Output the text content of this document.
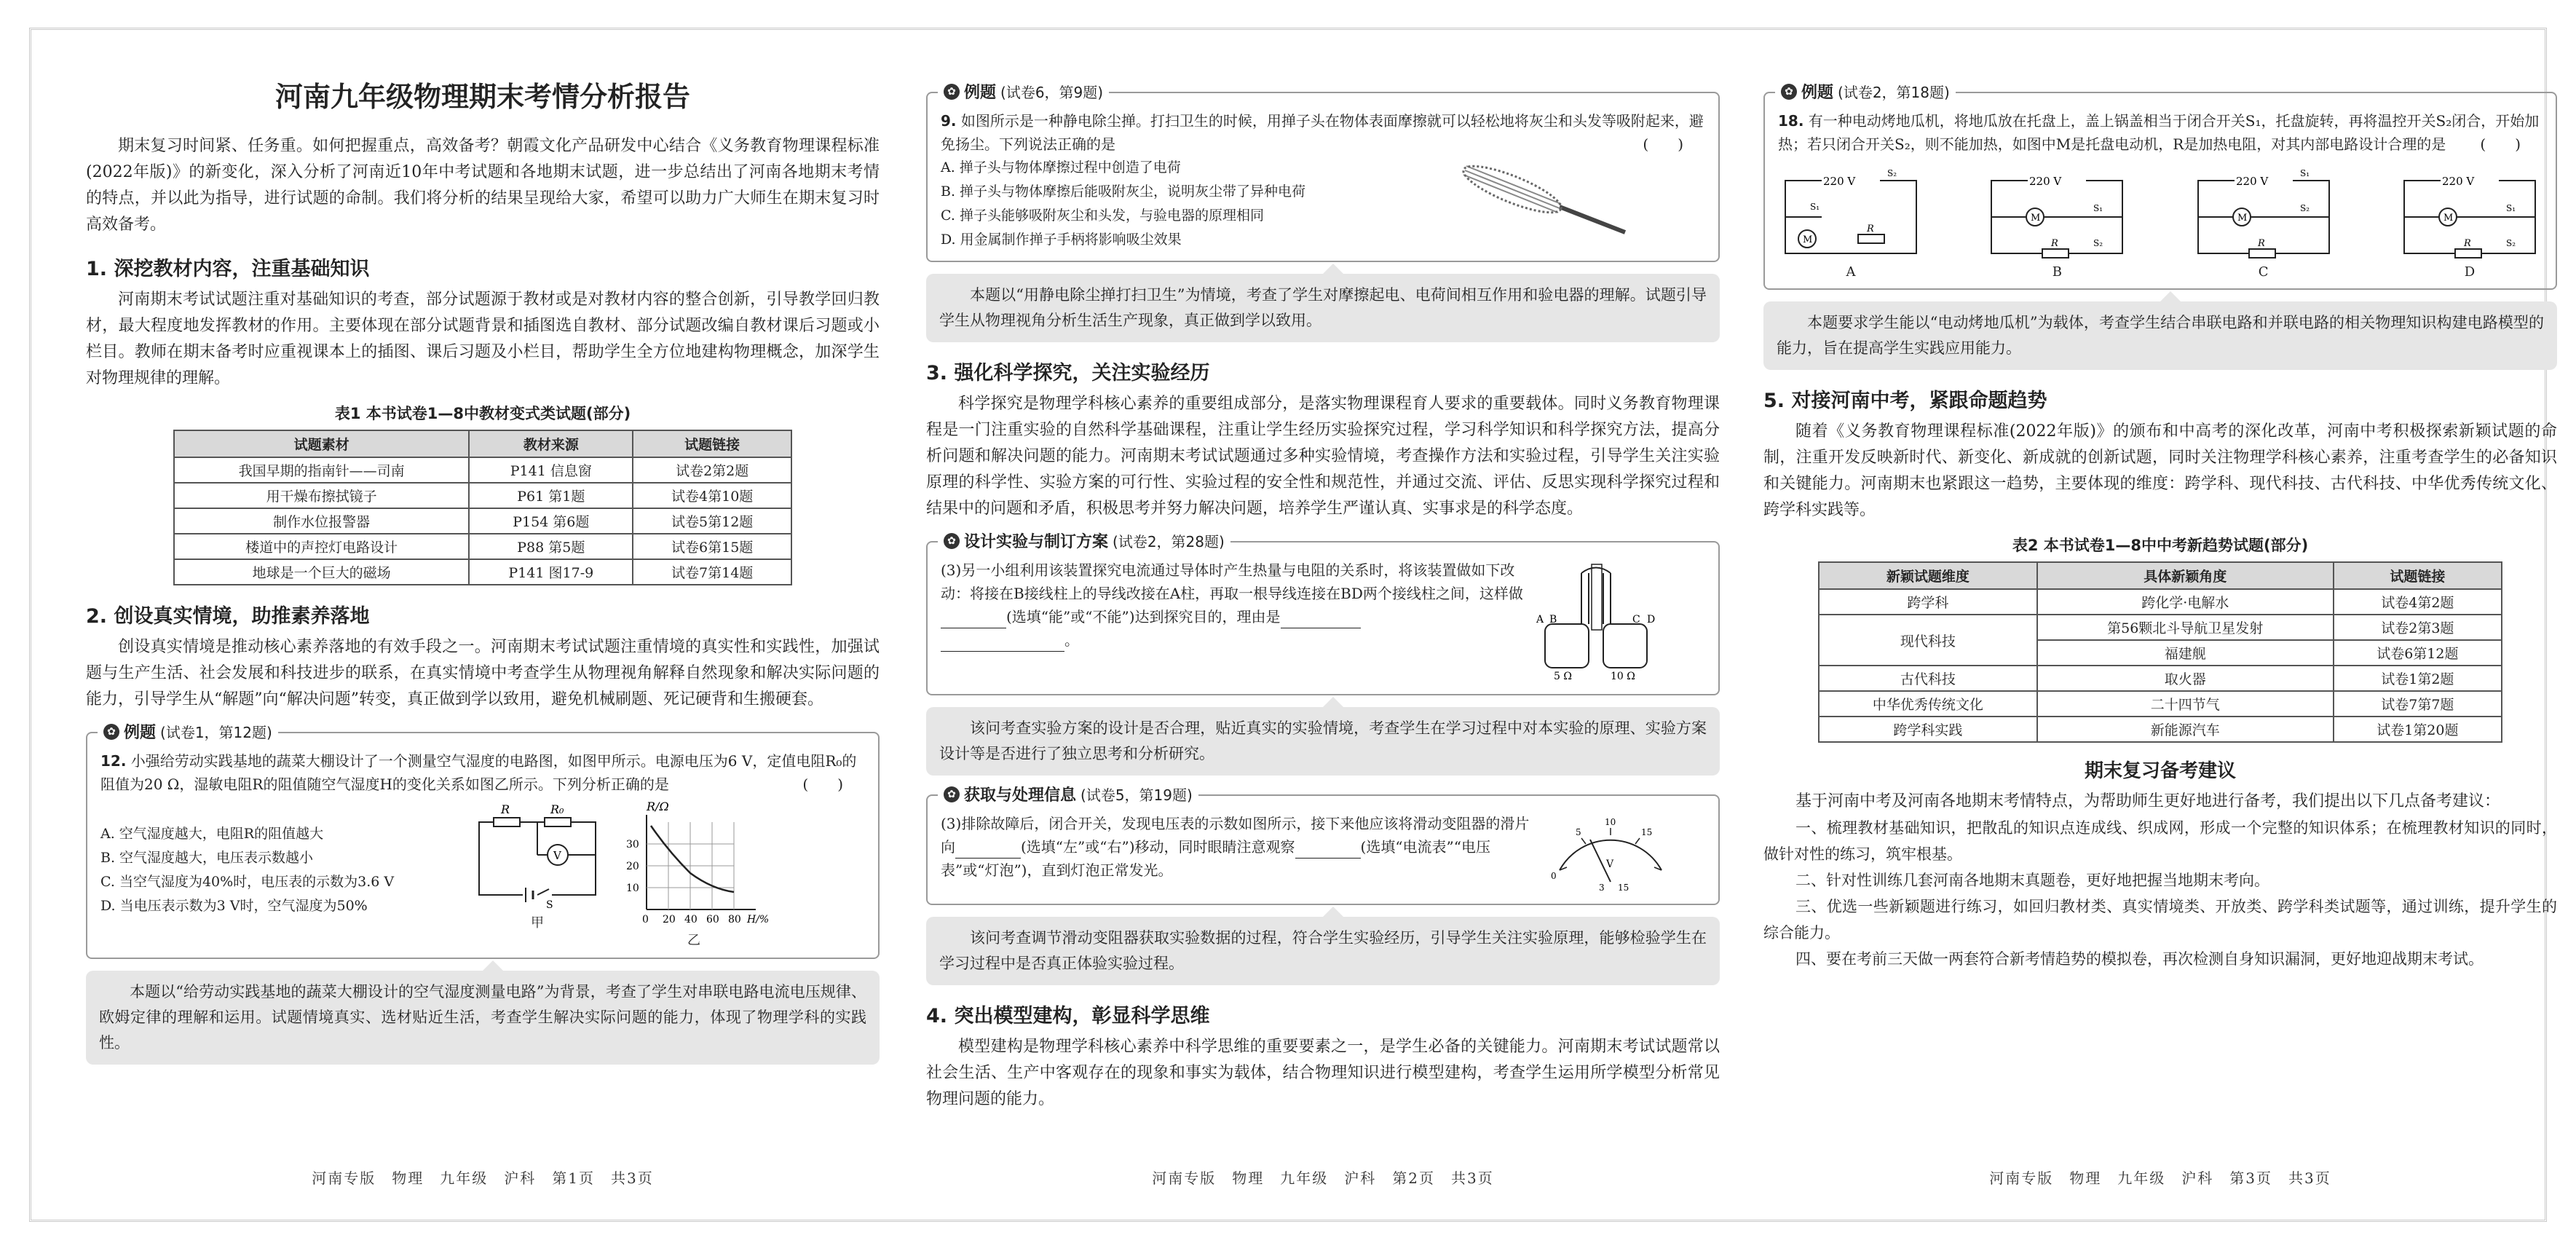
河南九年级物理期末考情分析报告

期末复习时间紧、任务重。如何把握重点，高效备考？朝霞文化产品研发中心结合《义务教育物理课程标准(2022年版)》的新变化，深入分析了河南近10年中考试题和各地期末试题，进一步总结出了河南各地期末考情的特点，并以此为指导，进行试题的命制。我们将分析的结果呈现给大家，希望可以助力广大师生在期末复习时高效备考。

1. 深挖教材内容，注重基础知识

河南期末考试试题注重对基础知识的考查，部分试题源于教材或是对教材内容的整合创新，引导教学回归教材，最大程度地发挥教材的作用。主要体现在部分试题背景和插图选自教材、部分试题改编自教材课后习题或小栏目。教师在期末备考时应重视课本上的插图、课后习题及小栏目，帮助学生全方位地建构物理概念，加深学生对物理规律的理解。

表1 本书试卷1—8中教材变式类试题(部分)
试题素材	教材来源	试题链接
我国早期的指南针——司南	P141 信息窗	试卷2第2题
用干燥布擦拭镜子	P61 第1题	试卷4第10题
制作水位报警器	P154 第6题	试卷5第12题
楼道中的声控灯电路设计	P88 第5题	试卷6第15题
地球是一个巨大的磁场	P141 图17-9	试卷7第14题
2. 创设真实情境，助推素养落地

创设真实情境是推动核心素养落地的有效手段之一。河南期末考试试题注重情境的真实性和实践性，加强试题与生产生活、社会发展和科技进步的联系，在真实情境中考查学生从物理视角解释自然现象和解决实际问题的能力，引导学生从“解题”向“解决问题”转变，真正做到学以致用，避免机械刷题、死记硬背和生搬硬套。

✿ 例题 (试卷1，第12题)
12. 小强给劳动实践基地的蔬菜大棚设计了一个测量空气湿度的电路图，如图甲所示。电源电压为6 V，定值电阻R₀的阻值为20 Ω，湿敏电阻R的阻值随空气湿度H的变化关系如图乙所示。下列分析正确的是	(　　)
A. 空气湿度越大，电阻R的阻值越大
B. 空气湿度越大，电压表示数越小
C. 当空气湿度为40%时，电压表的示数为3.6 V
D. 当电压表示数为3 V时，空气湿度为50%
R	R₀
V
S
甲
R/Ω
30
20
10
0 20 40 60 80 H/%
乙
本题以“给劳动实践基地的蔬菜大棚设计的空气湿度测量电路”为背景，考查了学生对串联电路电流电压规律、欧姆定律的理解和运用。试题情境真实、选材贴近生活，考查学生解决实际问题的能力，体现了物理学科的实践性。
河南专版　物理　九年级　沪科　第1页　共3页
✿ 例题 (试卷6，第9题)
9. 如图所示是一种静电除尘掸。打扫卫生的时候，用掸子头在物体表面摩擦就可以轻松地将灰尘和头发等吸附起来，避免扬尘。下列说法正确的是	(　　)
A. 掸子头与物体摩擦过程中创造了电荷
B. 掸子头与物体摩擦后能吸附灰尘，说明灰尘带了异种电荷
C. 掸子头能够吸附灰尘和头发，与验电器的原理相同
D. 用金属制作掸子手柄将影响吸尘效果
本题以“用静电除尘掸打扫卫生”为情境，考查了学生对摩擦起电、电荷间相互作用和验电器的理解。试题引导学生从物理视角分析生活生产现象，真正做到学以致用。
3. 强化科学探究，关注实验经历

科学探究是物理学科核心素养的重要组成部分，是落实物理课程育人要求的重要载体。同时义务教育物理课程是一门注重实验的自然科学基础课程，注重让学生经历实验探究过程，学习科学知识和科学探究方法，提高分析问题和解决问题的能力。河南期末考试试题通过多种实验情境，考查操作方法和实验过程，引导学生关注实验原理的科学性、实验方案的可行性、实验过程的安全性和规范性，并通过交流、评估、反思实现科学探究过程和结果中的问题和矛盾，积极思考并努力解决问题，培养学生严谨认真、实事求是的科学态度。

✿ 设计实验与制订方案 (试卷2，第28题)
(3)另一小组利用该装置探究电流通过导体时产生热量与电阻的关系时，将该装置做如下改动：将接在B接线柱上的导线改接在A柱，再取一根导线连接在BD两个接线柱之间，这样做(选填“能”或“不能”)达到探究目的，理由是
。
A B	C D
5 Ω	10 Ω
该问考查实验方案的设计是否合理，贴近真实的实验情境，考查学生在学习过程中对本实验的原理、实验方案设计等是否进行了独立思考和分析研究。
✿ 获取与处理信息 (试卷5，第19题)
(3)排除故障后，闭合开关，发现电压表的示数如图所示，接下来他应该将滑动变阻器的滑片向	(选填“左”或“右”)移动，同时眼睛注意观察	(选填“电流表”“电压表”或“灯泡”)，直到灯泡正常发光。	0
5
10
15
V
3 15
该问考查调节滑动变阻器获取实验数据的过程，符合学生实验经历，引导学生关注实验原理，能够检验学生在学习过程中是否真正体验实验过程。
4. 突出模型建构，彰显科学思维

模型建构是物理学科核心素养中科学思维的重要要素之一，是学生必备的关键能力。河南期末考试试题常以社会生活、生产中客观存在的现象和事实为载体，结合物理知识进行模型建构，考查学生运用所学模型分析常见物理问题的能力。

河南专版　物理　九年级　沪科　第2页　共3页
✿ 例题 (试卷2，第18题)
18. 有一种电动烤地瓜机，将地瓜放在托盘上，盖上锅盖相当于闭合开关S₁，托盘旋转，再将温控开关S₂闭合，开始加热；若只闭合开关S₂，则不能加热，如图中M是托盘电动机，R是加热电阻，对其内部电路设计合理的是 (　　)
220 V
M
R
S₁
S₂
A
220 V
M
R
S₁
S₂
B
220 V
M
R
S₁
S₂
C
220 V
M
R
S₁
S₂
D
本题要求学生能以“电动烤地瓜机”为载体，考查学生结合串联电路和并联电路的相关物理知识构建电路模型的能力，旨在提高学生实践应用能力。
5. 对接河南中考，紧跟命题趋势

随着《义务教育物理课程标准(2022年版)》的颁布和中高考的深化改革，河南中考积极探索新颖试题的命制，注重开发反映新时代、新变化、新成就的创新试题，同时关注物理学科核心素养，注重考查学生的必备知识和关键能力。河南期末也紧跟这一趋势，主要体现的维度：跨学科、现代科技、古代科技、中华优秀传统文化、跨学科实践等。

表2 本书试卷1—8中中考新趋势试题(部分)
新颖试题维度	具体新颖角度	试题链接
跨学科	跨化学·电解水	试卷4第2题
现代科技	第56颗北斗导航卫星发射	试卷2第3题
	福建舰	试卷6第12题
古代科技	取火器	试卷1第2题
中华优秀传统文化	二十四节气	试卷7第7题
跨学科实践	新能源汽车	试卷1第20题
期末复习备考建议

基于河南中考及河南各地期末考情特点，为帮助师生更好地进行备考，我们提出以下几点备考建议：

一、梳理教材基础知识，把散乱的知识点连成线、织成网，形成一个完整的知识体系；在梳理教材知识的同时，做针对性的练习，筑牢根基。

二、针对性训练几套河南各地期末真题卷，更好地把握当地期末考向。

三、优选一些新颖题进行练习，如回归教材类、真实情境类、开放类、跨学科类试题等，通过训练，提升学生的综合能力。

四、要在考前三天做一两套符合新考情趋势的模拟卷，再次检测自身知识漏洞，更好地迎战期末考试。

河南专版　物理　九年级　沪科　第3页　共3页
